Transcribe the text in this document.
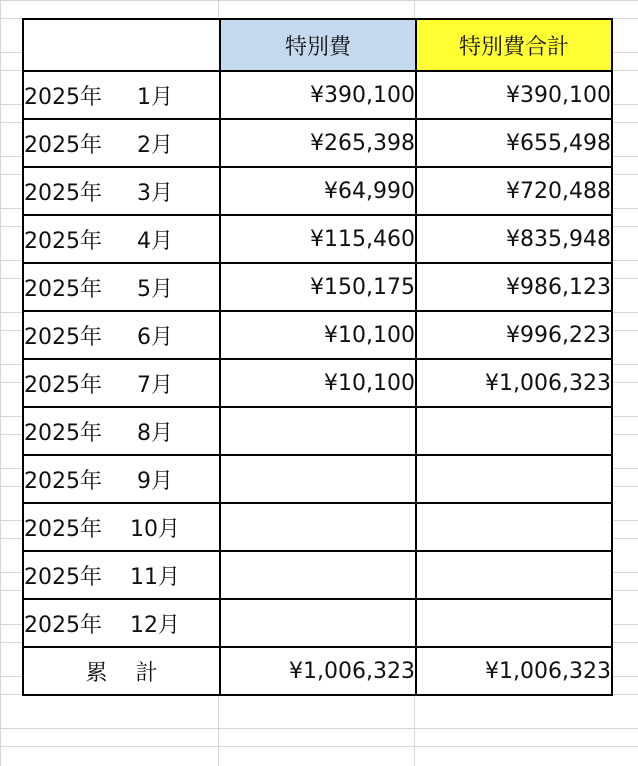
	特別費	特別費合計
2025年 1月	¥390,100	¥390,100
2025年 2月	¥265,398	¥655,498
2025年 3月	¥64,990	¥720,488
2025年 4月	¥115,460	¥835,948
2025年 5月	¥150,175	¥986,123
2025年 6月	¥10,100	¥996,223
2025年 7月	¥10,100	¥1,006,323
2025年 8月		
2025年 9月		
2025年 10月		
2025年 11月		
2025年 12月		
累 計	¥1,006,323	¥1,006,323
